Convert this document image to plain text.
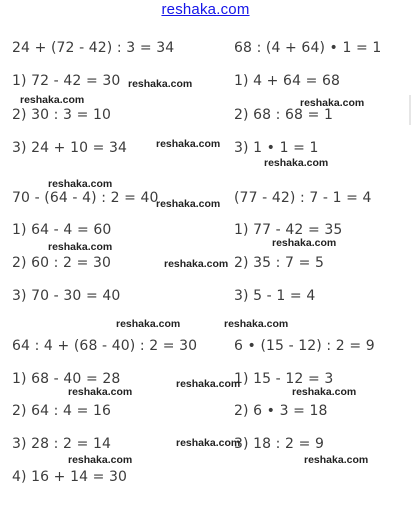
reshaka.com
24 + (72 - 42) : 3 = 34
1) 72 - 42 = 30
2) 30 : 3 = 10
3) 24 + 10 = 34
68 : (4 + 64) • 1 = 1
1) 4 + 64 = 68
2) 68 : 68 = 1
3) 1 • 1 = 1
70 - (64 - 4) : 2 = 40
1) 64 - 4 = 60
2) 60 : 2 = 30
3) 70 - 30 = 40
(77 - 42) : 7 - 1 = 4
1) 77 - 42 = 35
2) 35 : 7 = 5
3) 5 - 1 = 4
64 : 4 + (68 - 40) : 2 = 30
1) 68 - 40 = 28
2) 64 : 4 = 16
3) 28 : 2 = 14
4) 16 + 14 = 30
6 • (15 - 12) : 2 = 9
1) 15 - 12 = 3
2) 6 • 3 = 18
3) 18 : 2 = 9
reshaka.com
reshaka.com	reshaka.com
reshaka.com
reshaka.com
reshaka.com
reshaka.com
reshaka.com
reshaka.com
reshaka.com
reshaka.com	reshaka.com
reshaka.com
reshaka.com	reshaka.com
reshaka.com
reshaka.com	reshaka.com
